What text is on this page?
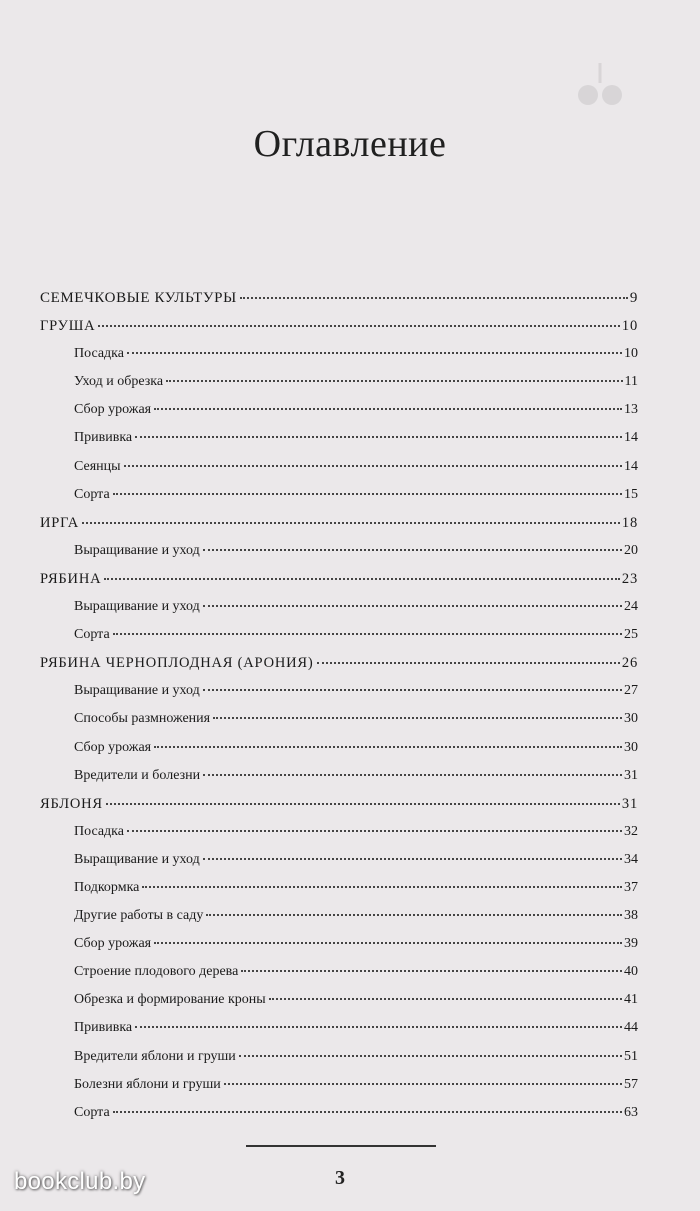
Оглавление
СЕМЕЧКОВЫЕ КУЛЬТУРЫ	9
ГРУША	10
Посадка	10
Уход и обрезка	11
Сбор урожая	13
Прививка	14
Сеянцы	14
Сорта	15
ИРГА	18
Выращивание и уход	20
РЯБИНА	23
Выращивание и уход	24
Сорта	25
РЯБИНА ЧЕРНОПЛОДНАЯ (АРОНИЯ)	26
Выращивание и уход	27
Способы размножения	30
Сбор урожая	30
Вредители и болезни	31
ЯБЛОНЯ	31
Посадка	32
Выращивание и уход	34
Подкормка	37
Другие работы в саду	38
Сбор урожая	39
Строение плодового дерева	40
Обрезка и формирование кроны	41
Прививка	44
Вредители яблони и груши	51
Болезни яблони и груши	57
Сорта	63
3
bookclub.by
